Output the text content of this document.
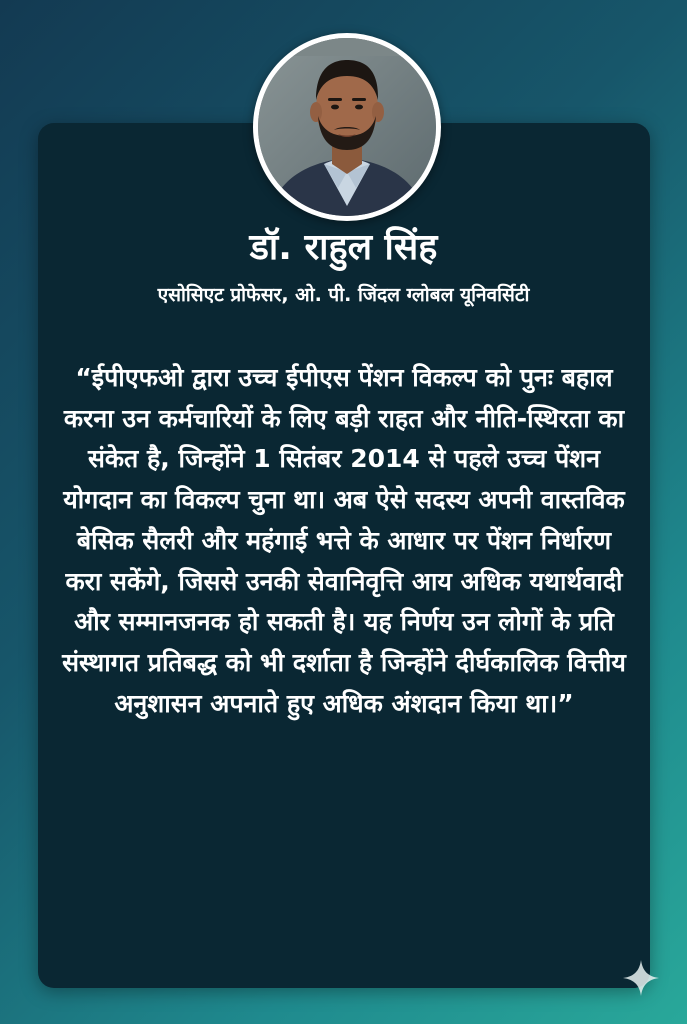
डॉ. राहुल सिंह
एसोसिएट प्रोफेसर, ओ. पी. जिंदल ग्लोबल यूनिवर्सिटी

“ईपीएफओ द्वारा उच्च ईपीएस पेंशन विकल्प को पुनः बहाल करना उन कर्मचारियों के लिए बड़ी राहत और नीति-स्थिरता का संकेत है, जिन्होंने 1 सितंबर 2014 से पहले उच्च पेंशन योगदान का विकल्प चुना था। अब ऐसे सदस्य अपनी वास्तविक बेसिक सैलरी और महंगाई भत्ते के आधार पर पेंशन निर्धारण करा सकेंगे, जिससे उनकी सेवानिवृत्ति आय अधिक यथार्थवादी और सम्मानजनक हो सकती है। यह निर्णय उन लोगों के प्रति संस्थागत प्रतिबद्ध को भी दर्शाता है जिन्होंने दीर्घकालिक वित्तीय अनुशासन अपनाते हुए अधिक अंशदान किया था।”
